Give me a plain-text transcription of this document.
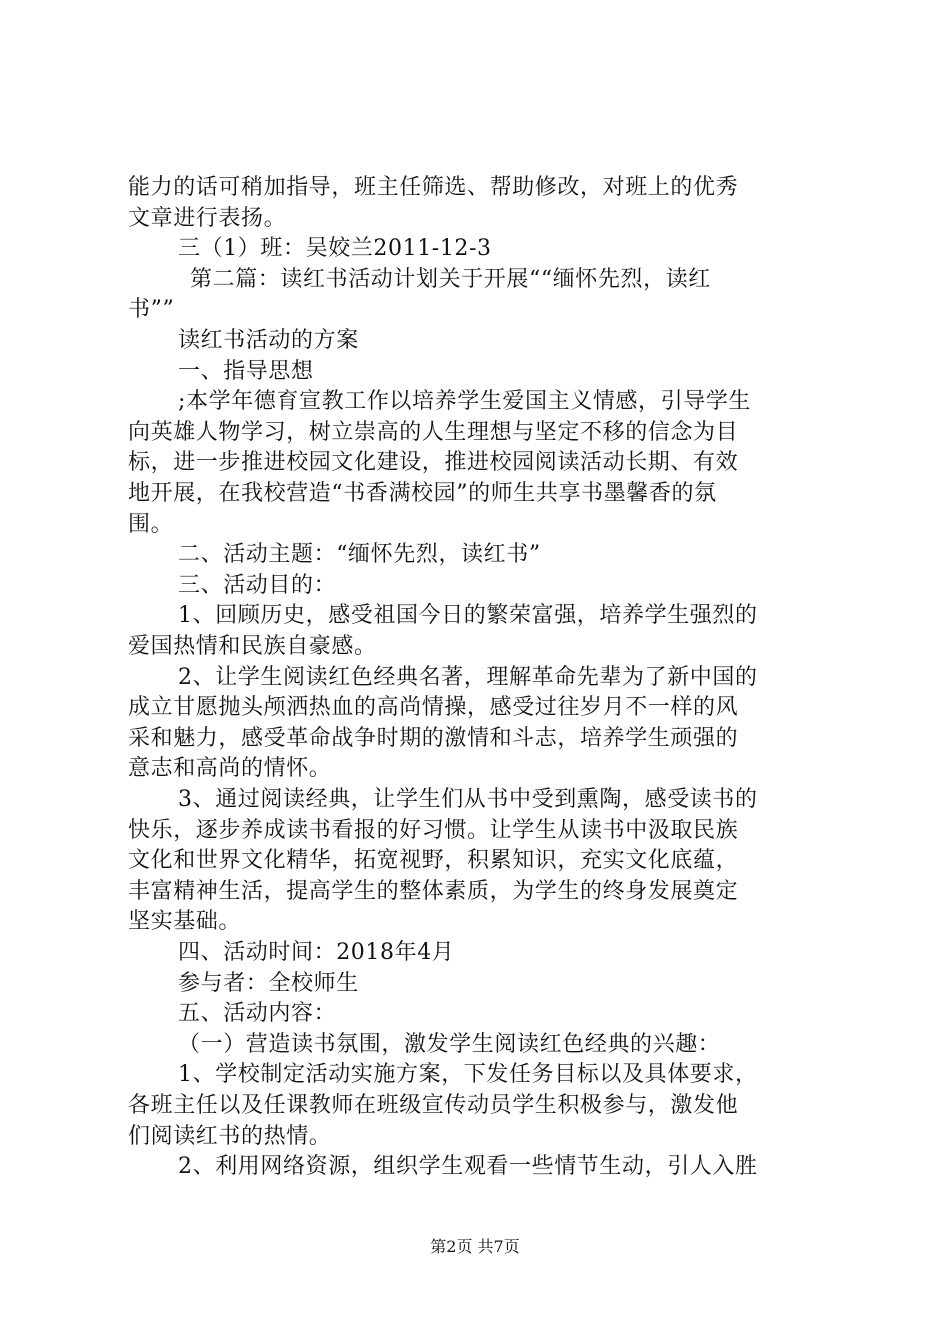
能力的话可稍加指导，班主任筛选、帮助修改，对班上的优秀
文章进行表扬。
三（1）班：吴姣兰2011-12-3
第二篇：读红书活动计划关于开展““缅怀先烈，读红
书””
读红书活动的方案
一、指导思想
;本学年德育宣教工作以培养学生爱国主义情感，引导学生
向英雄人物学习，树立崇高的人生理想与坚定不移的信念为目
标，进一步推进校园文化建设，推进校园阅读活动长期、有效
地开展，在我校营造“书香满校园”的师生共享书墨馨香的氛
围。
二、活动主题：“缅怀先烈，读红书”
三、活动目的：
1、回顾历史，感受祖国今日的繁荣富强，培养学生强烈的
爱国热情和民族自豪感。
2、让学生阅读红色经典名著，理解革命先辈为了新中国的
成立甘愿抛头颅洒热血的高尚情操，感受过往岁月不一样的风
采和魅力，感受革命战争时期的激情和斗志，培养学生顽强的
意志和高尚的情怀。
3、通过阅读经典，让学生们从书中受到熏陶，感受读书的
快乐，逐步养成读书看报的好习惯。让学生从读书中汲取民族
文化和世界文化精华，拓宽视野，积累知识，充实文化底蕴，
丰富精神生活，提高学生的整体素质，为学生的终身发展奠定
坚实基础。
四、活动时间：2018年4月
参与者：全校师生
五、活动内容：
（一）营造读书氛围，激发学生阅读红色经典的兴趣：
1、学校制定活动实施方案，下发任务目标以及具体要求，
各班主任以及任课教师在班级宣传动员学生积极参与，激发他
们阅读红书的热情。
2、利用网络资源，组织学生观看一些情节生动，引人入胜
第2页 共7页
